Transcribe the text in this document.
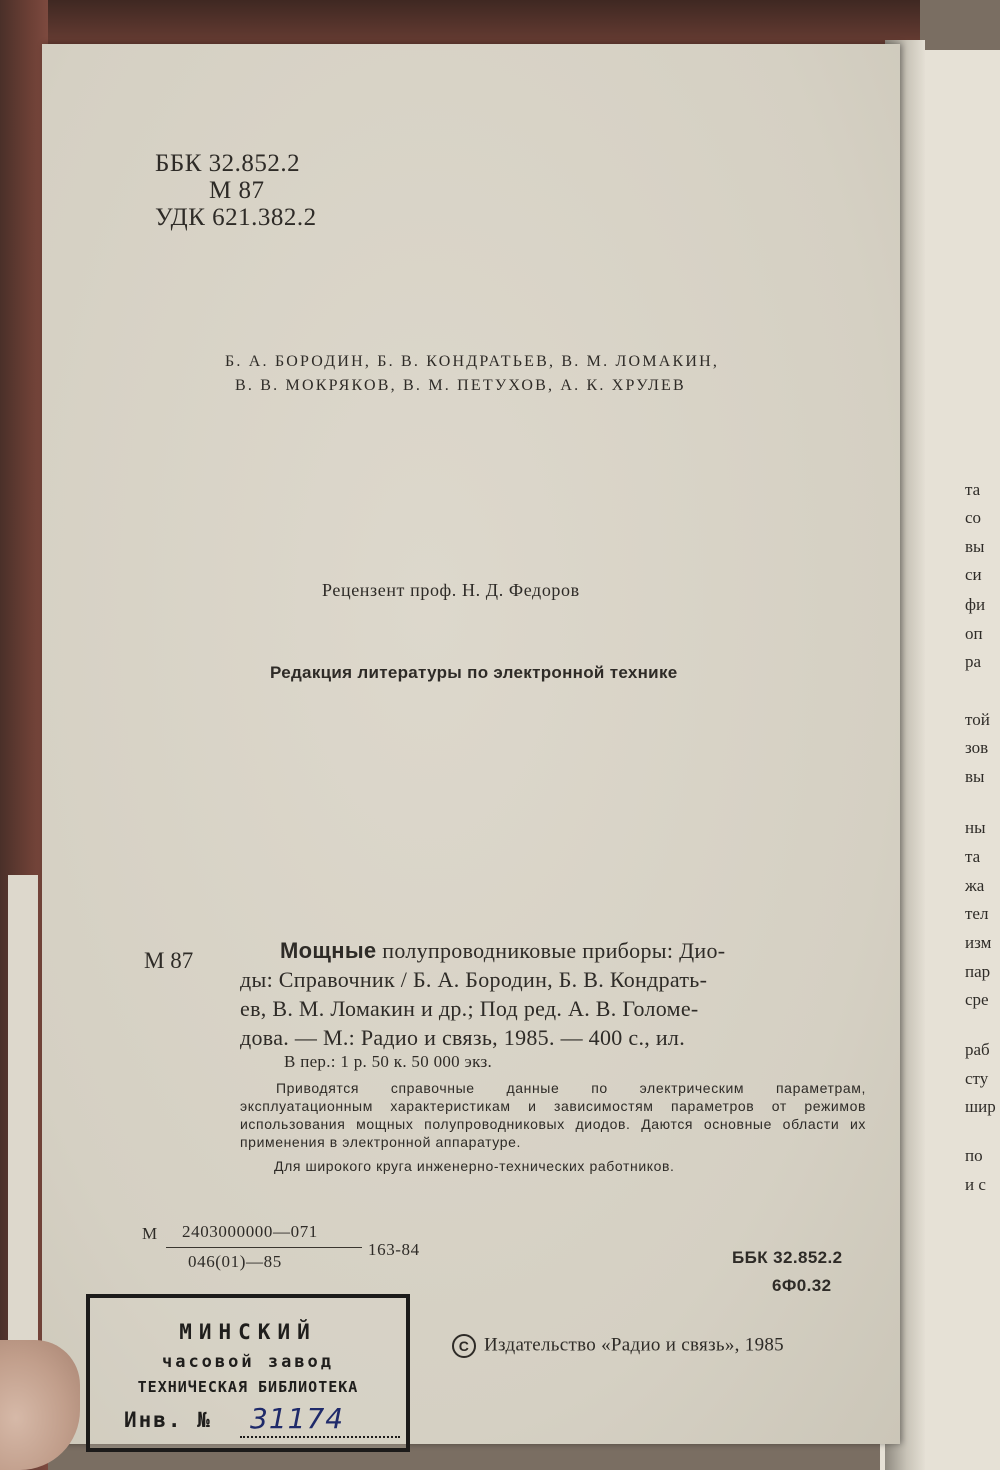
ББК 32.852.2
М 87
УДК 621.382.2
Б. А. БОРОДИН, Б. В. КОНДРАТЬЕВ, В. М. ЛОМАКИН,
В. В. МОКРЯКОВ, В. М. ПЕТУХОВ, А. К. ХРУЛЕВ
Рецензент проф. Н. Д. Федоров
Редакция литературы по электронной технике
М 87	Мощные полупроводниковые приборы: Дио-
ды: Справочник / Б. А. Бородин, Б. В. Кондрать-
ев, В. М. Ломакин и др.; Под ред. А. В. Голоме-
дова. — М.: Радио и связь, 1985. — 400 с., ил.
В пер.: 1 р. 50 к. 50 000 экз.

Приводятся справочные данные по электрическим параметрам, эксплуатационным характеристикам и зависимостям параметров от режимов использования мощных полупроводниковых диодов. Даются основные области их применения в электронной аппаратуре.

Для широкого круга инженерно-технических работников.
М 2403000000—071
046(01)—85
163-84	ББК 32.852.2
6Ф0.32
C Издательство «Радио и связь», 1985
МИНСКИЙ
часовой завод
ТЕХНИЧЕСКАЯ БИБЛИОТЕКА
Инв. № 31174
та
со
вы
си
фи
оп
ра
той
зов
вы
ны
та
жа
тел
изм
пар
сре
раб
сту
шир
по
и с
